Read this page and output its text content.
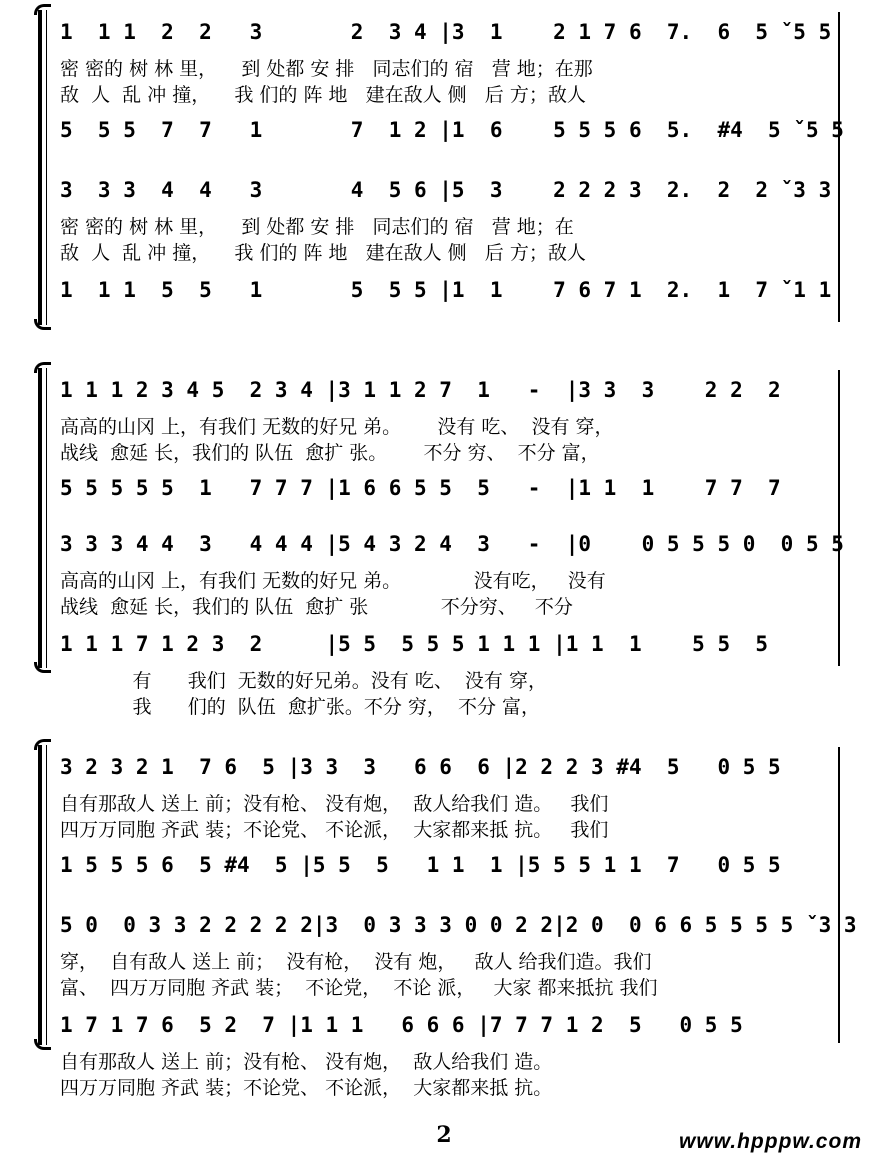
1  1 1  2  2   3       2  3 4 |3  1    2 1 7 6  7.  6  5 ˇ5 5
密 密的 树 林 里，    到 处都 安 排   同志们的 宿   营 地；在那
敌  人  乱 冲 撞，    我 们的 阵 地   建在敌人 侧   后 方；敌人
5  5 5  7  7   1       7  1 2 |1  6    5 5 5 6  5.  #4  5 ˇ5 5
3  3 3  4  4   3       4  5 6 |5  3    2 2 2 3  2.  2  2 ˇ3 3
密 密的 树 林 里，    到 处都 安 排   同志们的 宿   营 地；在
敌  人  乱 冲 撞，    我 们的 阵 地   建在敌人 侧   后 方；敌人
1  1 1  5  5   1       5  5 5 |1  1    7 6 7 1  2.  1  7 ˇ1 1
1 1 1 2 3 4 5  2 3 4 |3 1 1 2 7  1   -  |3 3  3    2 2  2
高高的山冈 上，有我们 无数的好兄 弟。      没有 吃、  没有 穿，
战线  愈延 长，我们的 队伍  愈扩 张。      不分 穷、  不分 富，
5 5 5 5 5  1   7 7 7 |1 6 6 5 5  5   -  |1 1  1    7 7  7
3 3 3 4 4  3   4 4 4 |5 4 3 2 4  3   -  |0    0 5 5 5 0  0 5 5
高高的山冈 上，有我们 无数的好兄 弟。            没有吃，   没有
战线  愈延 长，我们的 队伍  愈扩 张            不分穷、   不分
1 1 1 7 1 2 3  2     |5 5  5 5 5 1 1 1 |1 1  1    5 5  5
有      我们  无数的好兄弟。没有 吃、  没有 穿，
我      们的  队伍  愈扩张。不分 穷，  不分 富，
3 2 3 2 1  7 6  5 |3 3  3   6 6  6 |2 2 2 3 #4  5   0 5 5
自有那敌人 送上 前；没有枪、 没有炮，  敌人给我们 造。   我们
四万万同胞 齐武 装；不论党、 不论派，  大家都来抵 抗。   我们
1 5 5 5 6  5 #4  5 |5 5  5   1 1  1 |5 5 5 1 1  7   0 5 5
5 0  0 3 3 2 2 2 2 2|3  0 3 3 3 0 0 2 2|2 0  0 6 6 5 5 5 5 ˇ3 3
穿，  自有敌人 送上 前；  没有枪，  没有 炮，   敌人 给我们造。我们
富、  四万万同胞 齐武 装；  不论党，  不论 派，   大家 都来抵抗 我们
1 7 1 7 6  5 2  7 |1 1 1   6 6 6 |7 7 7 1 2  5   0 5 5
自有那敌人 送上 前；没有枪、 没有炮，  敌人给我们 造。
四万万同胞 齐武 装；不论党、 不论派，  大家都来抵 抗。
2	www.hpppw.com
